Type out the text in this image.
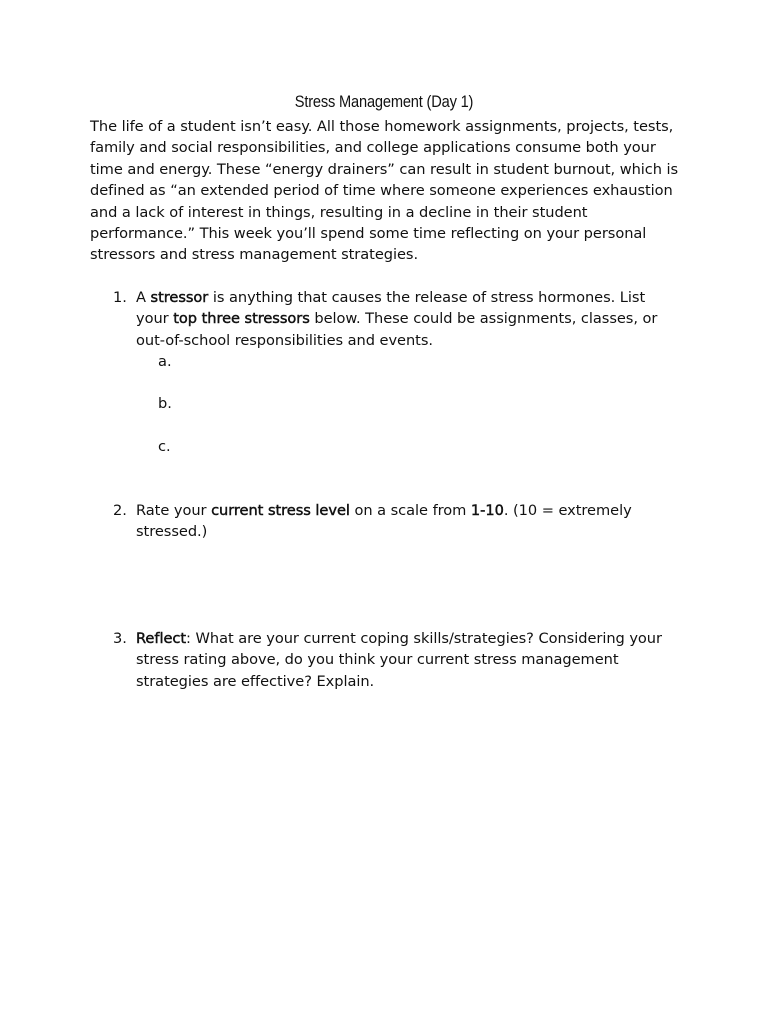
Stress Management (Day 1)
The life of a student isn’t easy. All those homework assignments, projects, tests, family and social responsibilities, and college applications consume both your time and energy. These “energy drainers” can result in student burnout, which is defined as “an extended period of time where someone experiences exhaustion and a lack of interest in things, resulting in a decline in their student performance.” This week you’ll spend some time reflecting on your personal stressors and stress management strategies.
1. A stressor is anything that causes the release of stress hormones. List your top three stressors below. These could be assignments, classes, or out-of-school responsibilities and events.
a.
b.
c.
2. Rate your current stress level on a scale from 1-10. (10 = extremely stressed.)
3. Reflect: What are your current coping skills/strategies? Considering your stress rating above, do you think your current stress management strategies are effective? Explain.
